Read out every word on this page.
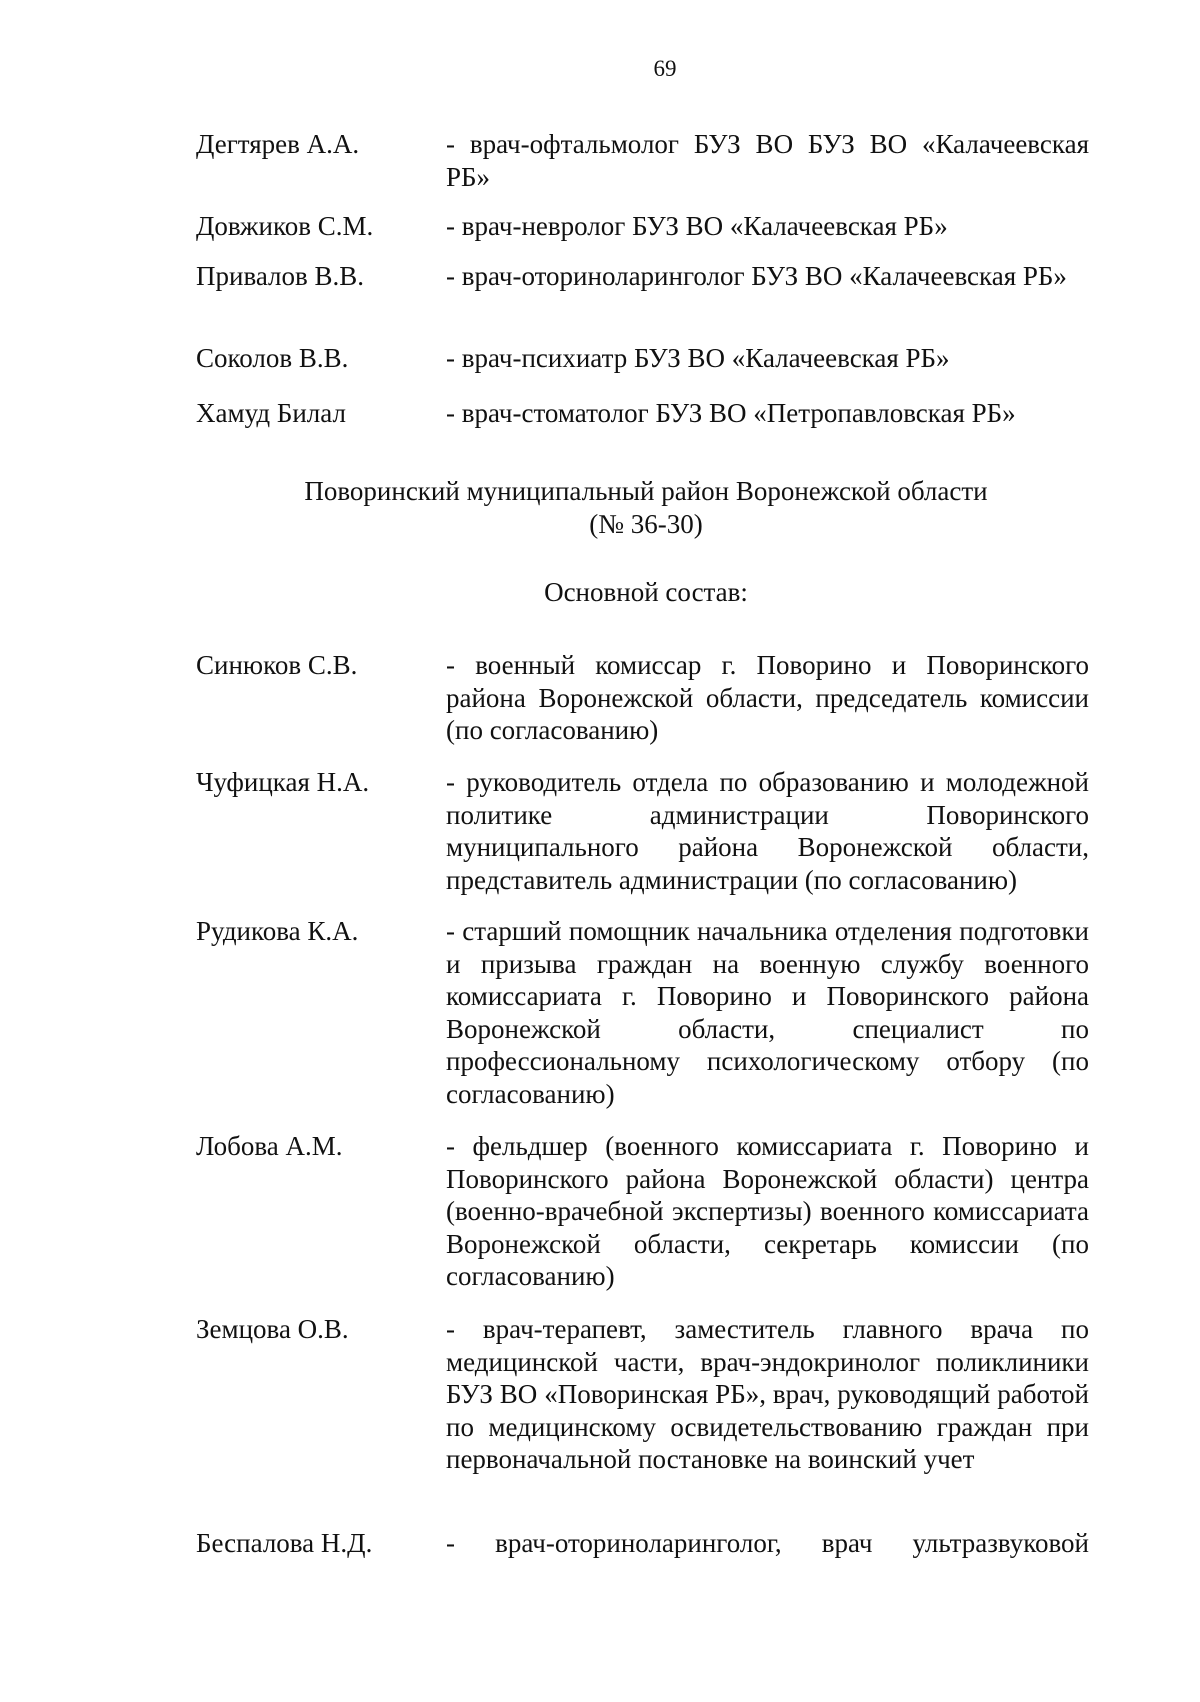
69
Дегтярев А.А.	- врач-офтальмолог БУЗ ВО БУЗ ВО «Калачеевская РБ»
Довжиков С.М.	- врач-невролог БУЗ ВО «Калачеевская РБ»
Привалов В.В.	- врач-оториноларинголог БУЗ ВО «Калачеевская РБ»
Соколов В.В.	- врач-психиатр БУЗ ВО «Калачеевская РБ»
Хамуд Билал	- врач-стоматолог БУЗ ВО «Петропавловская РБ»
Поворинский муниципальный район Воронежской области
(№ 36-30)
Основной состав:
Синюков С.В.	- военный комиссар г. Поворино и Поворинского района Воронежской области, председатель комиссии (по согласованию)
Чуфицкая Н.А.	- руководитель отдела по образованию и молодежной политике администрации Поворинского муниципального района Воронежской области, представитель администрации (по согласованию)
Рудикова К.А.	- старший помощник начальника отделения подготовки и призыва граждан на военную службу военного комиссариата г. Поворино и Поворинского района Воронежской области, специалист по профессиональному психологическому отбору (по согласованию)
Лобова А.М.	- фельдшер (военного комиссариата г. Поворино и Поворинского района Воронежской области) центра (военно-врачебной экспертизы) военного комиссариата Воронежской области, секретарь комиссии (по согласованию)
Земцова О.В.	- врач-терапевт, заместитель главного врача по медицинской части, врач-эндокринолог поликлиники БУЗ ВО «Поворинская РБ», врач, руководящий работой по медицинскому освидетельствованию граждан при первоначальной постановке на воинский учет
Беспалова Н.Д.	- врач-оториноларинголог, врач ультразвуковой
